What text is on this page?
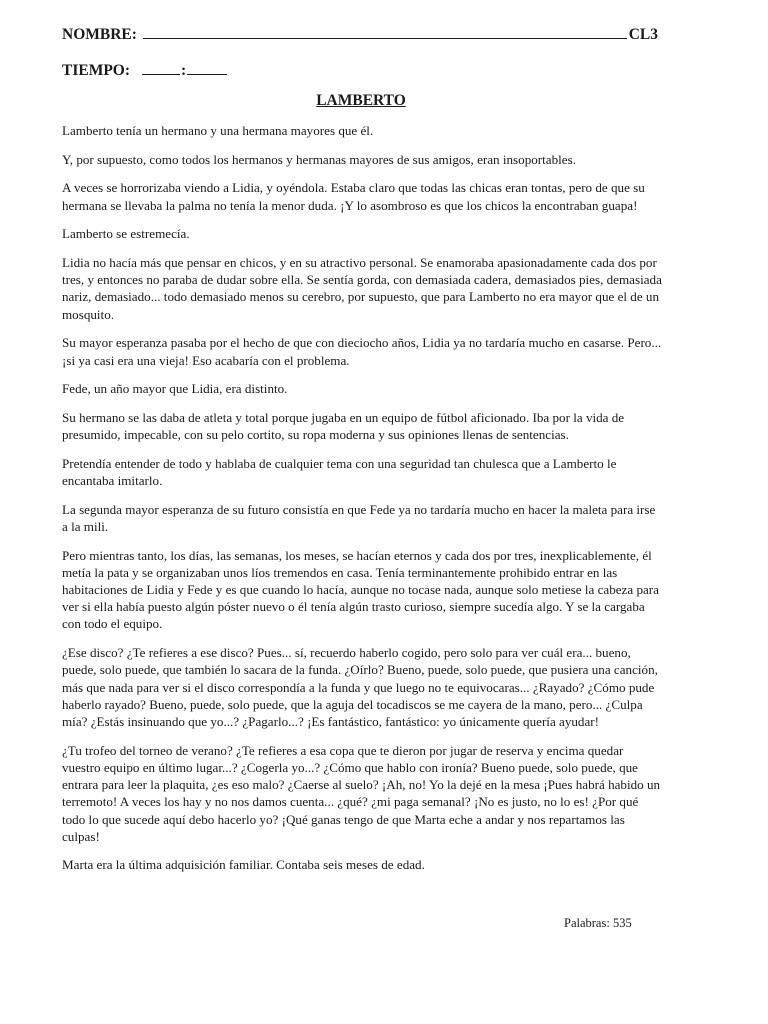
NOMBRE:	CL3
TIEMPO:	:
LAMBERTO

Lamberto tenía un hermano y una hermana mayores que él.

Y, por supuesto, como todos los hermanos y hermanas mayores de sus amigos, eran insoportables.

A veces se horrorizaba viendo a Lidia, y oyéndola. Estaba claro que todas las chicas eran tontas, pero de que su hermana se llevaba la palma no tenía la menor duda. ¡Y lo asombroso es que los chicos la encontraban guapa!

Lamberto se estremecía.

Lidia no hacía más que pensar en chicos, y en su atractivo personal. Se enamoraba apasionadamente cada dos por tres, y entonces no paraba de dudar sobre ella. Se sentía gorda, con demasiada cadera, demasiados pies, demasiada nariz, demasiado... todo demasiado menos su cerebro, por supuesto, que para Lamberto no era mayor que el de un mosquito.

Su mayor esperanza pasaba por el hecho de que con dieciocho años, Lidia ya no tardaría mucho en casarse. Pero... ¡si ya casi era una vieja! Eso acabaría con el problema.

Fede, un año mayor que Lidia, era distinto.

Su hermano se las daba de atleta y total porque jugaba en un equipo de fútbol aficionado. Iba por la vida de presumido, impecable, con su pelo cortito, su ropa moderna y sus opiniones llenas de sentencias.

Pretendía entender de todo y hablaba de cualquier tema con una seguridad tan chulesca que a Lamberto le encantaba imitarlo.

La segunda mayor esperanza de su futuro consistía en que Fede ya no tardaría mucho en hacer la maleta para irse a la mili.

Pero mientras tanto, los días, las semanas, los meses, se hacían eternos y cada dos por tres, inexplicablemente, él metía la pata y se organizaban unos líos tremendos en casa. Tenía terminantemente prohibido entrar en las habitaciones de Lidia y Fede y es que cuando lo hacía, aunque no tocase nada, aunque solo metiese la cabeza para ver si ella había puesto algún póster nuevo o él tenía algún trasto curioso, siempre sucedía algo. Y se la cargaba con todo el equipo.

¿Ese disco? ¿Te refieres a ese disco? Pues... sí, recuerdo haberlo cogido, pero solo para ver cuál era... bueno, puede, solo puede, que también lo sacara de la funda. ¿Oírlo? Bueno, puede, solo puede, que pusiera una canción, más que nada para ver si el disco correspondía a la funda y que luego no te equivocaras... ¿Rayado? ¿Cómo pude haberlo rayado? Bueno, puede, solo puede, que la aguja del tocadiscos se me cayera de la mano, pero... ¿Culpa mía? ¿Estás insinuando que yo...? ¿Pagarlo...? ¡Es fantástico, fantástico: yo únicamente quería ayudar!

¿Tu trofeo del torneo de verano? ¿Te refieres a esa copa que te dieron por jugar de reserva y encima quedar vuestro equipo en último lugar...? ¿Cogerla yo...? ¿Cómo que hablo con ironía? Bueno puede, solo puede, que entrara para leer la plaquita, ¿es eso malo? ¿Caerse al suelo? ¡Ah, no! Yo la dejé en la mesa ¡Pues habrá habido un terremoto! A veces los hay y no nos damos cuenta... ¿qué? ¿mi paga semanal? ¡No es justo, no lo es! ¿Por qué todo lo que sucede aquí debo hacerlo yo? ¡Qué ganas tengo de que Marta eche a andar y nos repartamos las culpas!

Marta era la última adquisición familiar. Contaba seis meses de edad.

Palabras: 535
